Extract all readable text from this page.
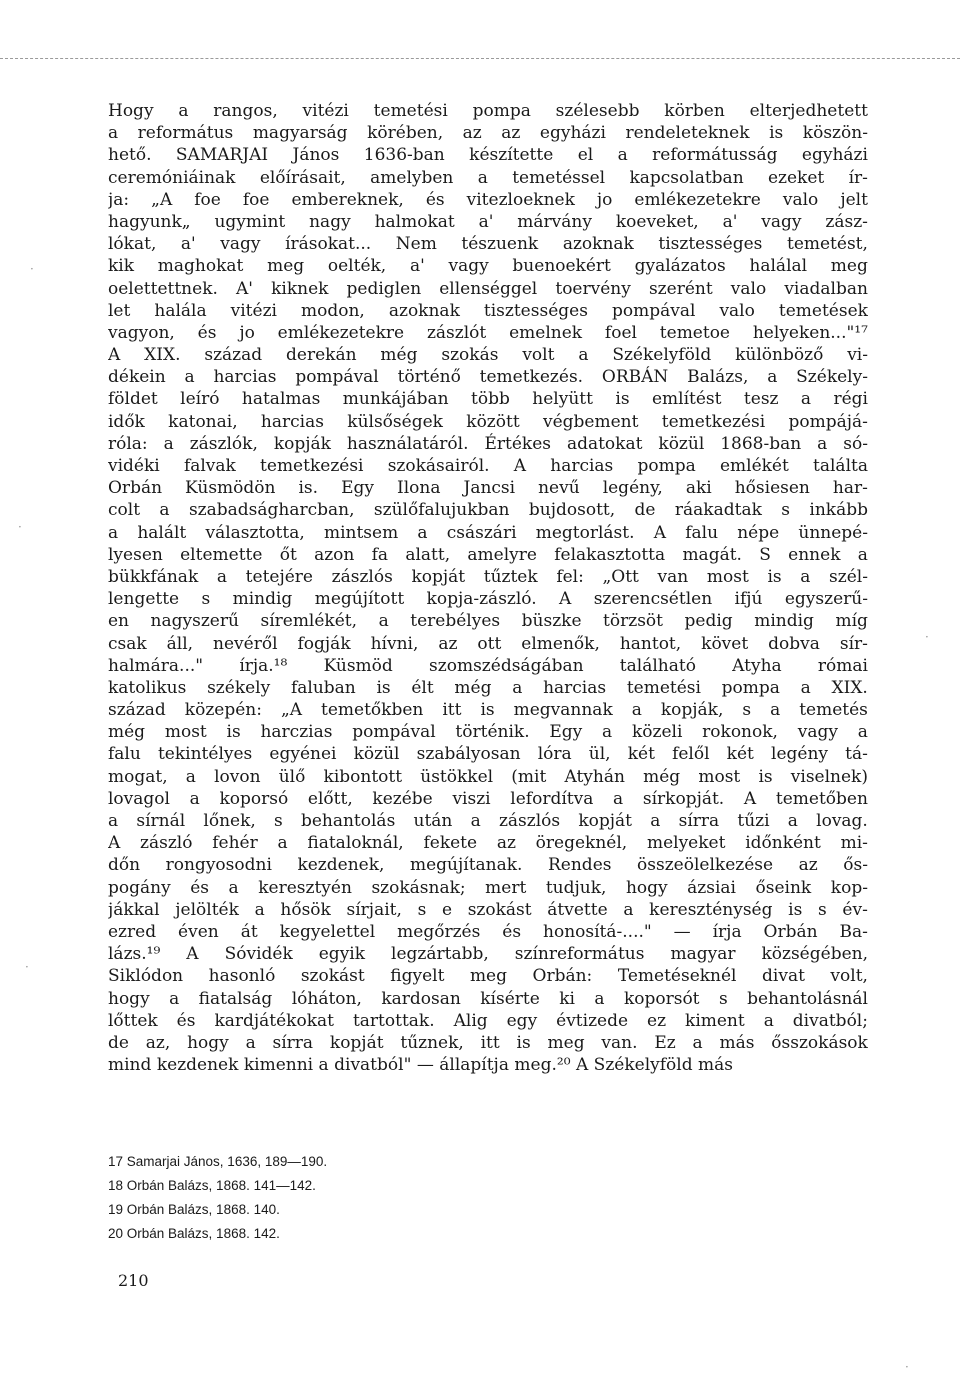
·
·
·
·
·
Hogy a rangos, vitézi temetési pompa szélesebb körben elterjedhetett
a református magyarság körében, az az egyházi rendeleteknek is köszön-
hető. SAMARJAI János 1636-ban készítette el a reformátusság egyházi
ceremóniáinak előírásait, amelyben a temetéssel kapcsolatban ezeket ír-
ja: „A foe foe embereknek, és vitezloeknek jo emlékezetekre valo jelt
hagyunk„ ugymint nagy halmokat a' márvány koeveket, a' vagy zász-
lókat, a' vagy írásokat... Nem tészuenk azoknak tisztességes temetést,
kik maghokat meg oelték, a' vagy buenoekért gyalázatos halálal meg
oelettettnek. A' kiknek pediglen ellenséggel toervény szerént valo viadalban
let halála vitézi modon, azoknak tisztességes pompával valo temetések
vagyon, és jo emlékezetekre zászlót emelnek foel temetoe helyeken..."¹⁷
A XIX. század derekán még szokás volt a Székelyföld különböző vi-
dékein a harcias pompával történő temetkezés. ORBÁN Balázs, a Székely-
földet leíró hatalmas munkájában több helyütt is említést tesz a régi
idők katonai, harcias külsőségek között végbement temetkezési pompájá-
róla: a zászlók, kopják használatáról. Értékes adatokat közül 1868-ban a só-
vidéki falvak temetkezési szokásairól. A harcias pompa emlékét találta
Orbán Küsmödön is. Egy Ilona Jancsi nevű legény, aki hősiesen har-
colt a szabadságharcban, szülőfalujukban bujdosott, de ráakadtak s inkább
a halált választotta, mintsem a császári megtorlást. A falu népe ünnepé-
lyesen eltemette őt azon fa alatt, amelyre felakasztotta magát. S ennek a
bükkfának a tetejére zászlós kopját tűztek fel: „Ott van most is a szél-
lengette s mindig megújított kopja-zászló. A szerencsétlen ifjú egyszerű-
en nagyszerű síremlékét, a terebélyes büszke törzsöt pedig mindig míg
csak áll, nevéről fogják hívni, az ott elmenők, hantot, követ dobva sír-
halmára..." írja.¹⁸ Küsmöd szomszédságában található Atyha római
katolikus székely faluban is élt még a harcias temetési pompa a XIX.
század közepén: „A temetőkben itt is megvannak a kopják, s a temetés
még most is harczias pompával történik. Egy a közeli rokonok, vagy a
falu tekintélyes egyénei közül szabályosan lóra ül, két felől két legény tá-
mogat, a lovon ülő kibontott üstökkel (mit Atyhán még most is viselnek)
lovagol a koporsó előtt, kezébe viszi lefordítva a sírkopját. A temetőben
a sírnál lőnek, s behantolás után a zászlós kopját a sírra tűzi a lovag.
A zászló fehér a fiataloknál, fekete az öregeknél, melyeket időnként mi-
dőn rongyosodni kezdenek, megújítanak. Rendes összeölelkezése az ős-
pogány és a keresztyén szokásnak; mert tudjuk, hogy ázsiai őseink kop-
jákkal jelölték a hősök sírjait, s e szokást átvette a kereszténység is s év-
ezred éven át kegyelettel megőrzés és honosítá-...." — írja Orbán Ba-
lázs.¹⁹ A Sóvidék egyik legzártabb, színreformátus magyar községében,
Siklódon hasonló szokást figyelt meg Orbán: Temetéseknél divat volt,
hogy a fiatalság lóháton, kardosan kísérte ki a koporsót s behantolásnál
lőttek és kardjátékokat tartottak. Alig egy évtizede ez kiment a divatból;
de az, hogy a sírra kopját tűznek, itt is meg van. Ez a más ősszokások
mind kezdenek kimenni a divatból" — állapítja meg.²⁰ A Székelyföld más
17 Samarjai János, 1636, 189—190.
18 Orbán Balázs, 1868. 141—142.
19 Orbán Balázs, 1868. 140.
20 Orbán Balázs, 1868. 142.
210
